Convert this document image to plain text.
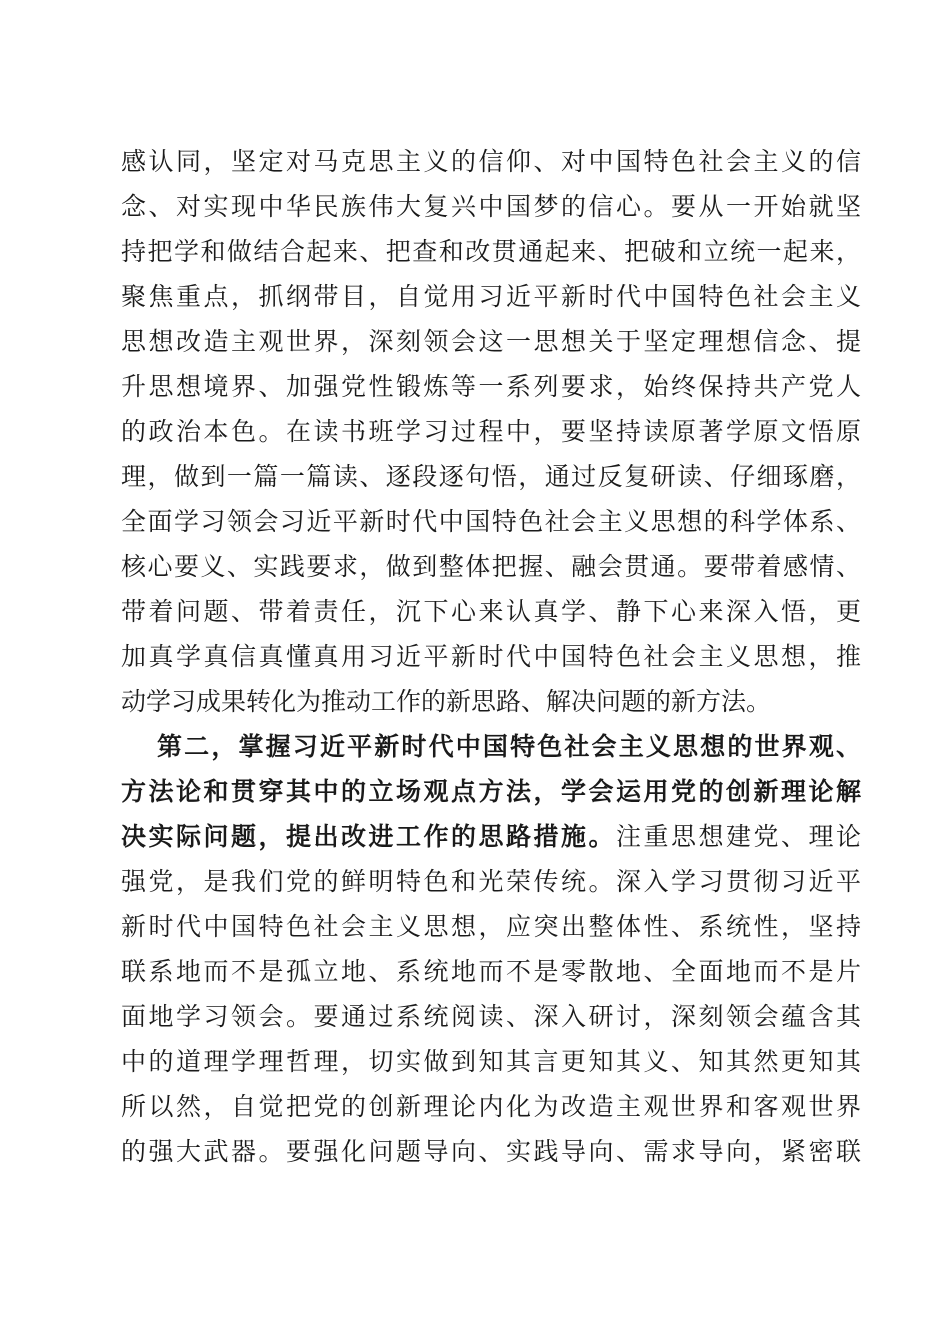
感认同，坚定对马克思主义的信仰、对中国特色社会主义的信
念、对实现中华民族伟大复兴中国梦的信心。要从一开始就坚
持把学和做结合起来、把查和改贯通起来、把破和立统一起来，
聚焦重点，抓纲带目，自觉用习近平新时代中国特色社会主义
思想改造主观世界，深刻领会这一思想关于坚定理想信念、提
升思想境界、加强党性锻炼等一系列要求，始终保持共产党人
的政治本色。在读书班学习过程中，要坚持读原著学原文悟原
理，做到一篇一篇读、逐段逐句悟，通过反复研读、仔细琢磨，
全面学习领会习近平新时代中国特色社会主义思想的科学体系、
核心要义、实践要求，做到整体把握、融会贯通。要带着感情、
带着问题、带着责任，沉下心来认真学、静下心来深入悟，更
加真学真信真懂真用习近平新时代中国特色社会主义思想，推
动学习成果转化为推动工作的新思路、解决问题的新方法。
第二，掌握习近平新时代中国特色社会主义思想的世界观、
方法论和贯穿其中的立场观点方法，学会运用党的创新理论解
决实际问题，提出改进工作的思路措施。注重思想建党、理论
强党，是我们党的鲜明特色和光荣传统。深入学习贯彻习近平
新时代中国特色社会主义思想，应突出整体性、系统性，坚持
联系地而不是孤立地、系统地而不是零散地、全面地而不是片
面地学习领会。要通过系统阅读、深入研讨，深刻领会蕴含其
中的道理学理哲理，切实做到知其言更知其义、知其然更知其
所以然，自觉把党的创新理论内化为改造主观世界和客观世界
的强大武器。要强化问题导向、实践导向、需求导向，紧密联
